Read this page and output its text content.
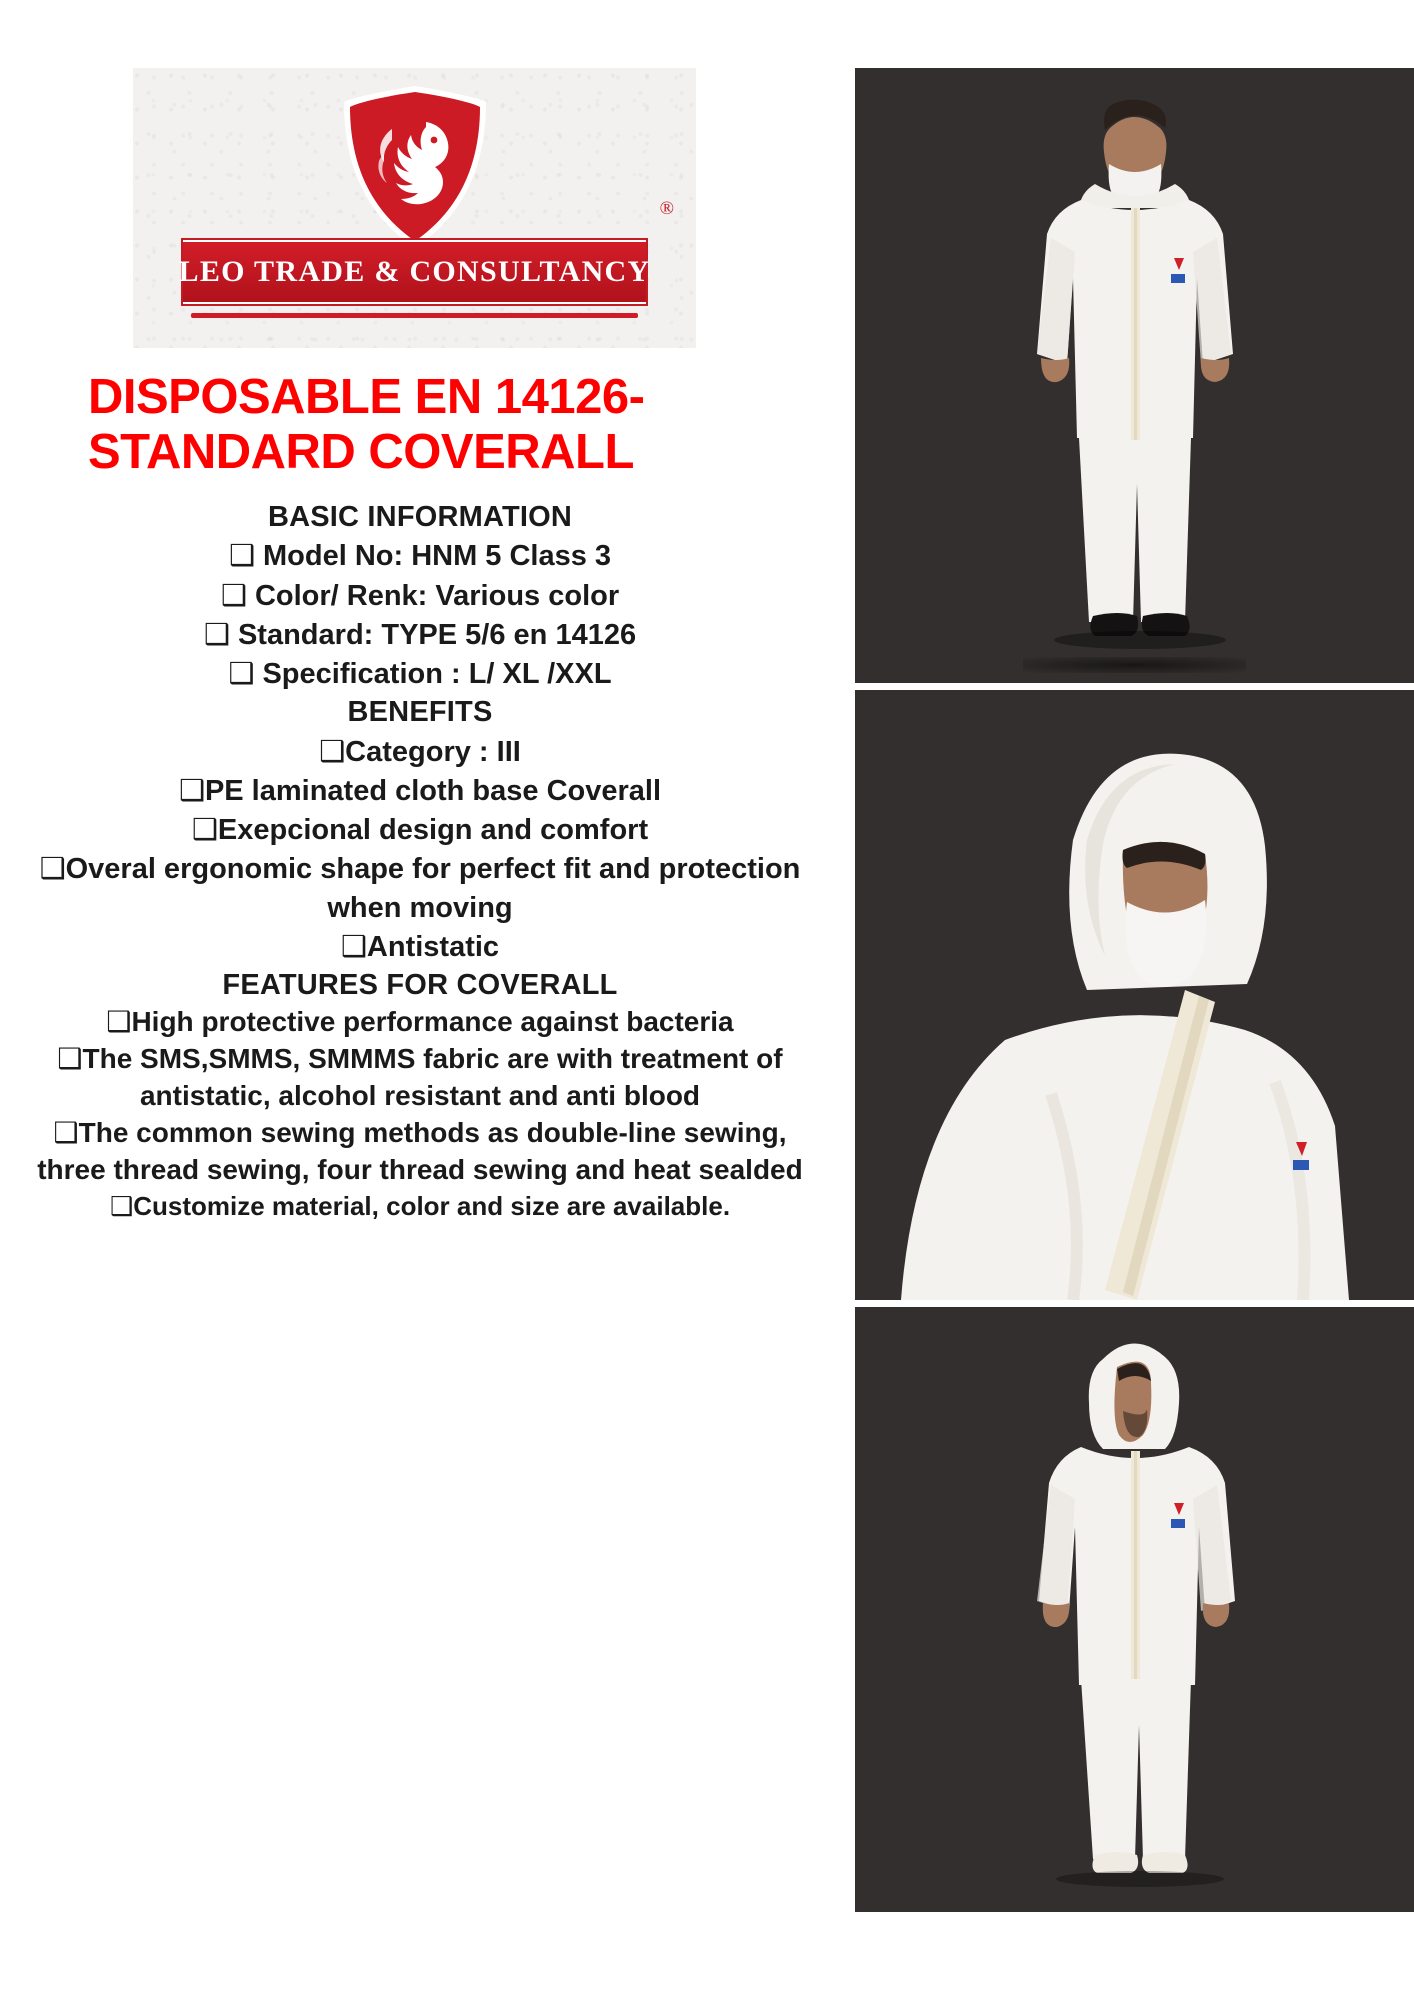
®
LEO TRADE & CONSULTANCY
DISPOSABLE EN 14126-STANDARD COVERALL

BASIC INFORMATION

❑ Model No: HNM 5 Class 3

❑ Color/ Renk: Various color

❑ Standard: TYPE 5/6 en 14126

❑ Specification : L/ XL /XXL

BENEFITS

❑Category : III

❑PE laminated cloth base Coverall

❑Exepcional design and comfort

❑Overal ergonomic shape for perfect fit and protection when moving

❑Antistatic

FEATURES FOR COVERALL

❑High protective performance against bacteria

❑The SMS,SMMS, SMMMS fabric are with treatment of antistatic, alcohol resistant and anti blood

❑The common sewing methods as double-line sewing, three thread sewing, four thread sewing and heat sealded

❑Customize material, color and size are available.
